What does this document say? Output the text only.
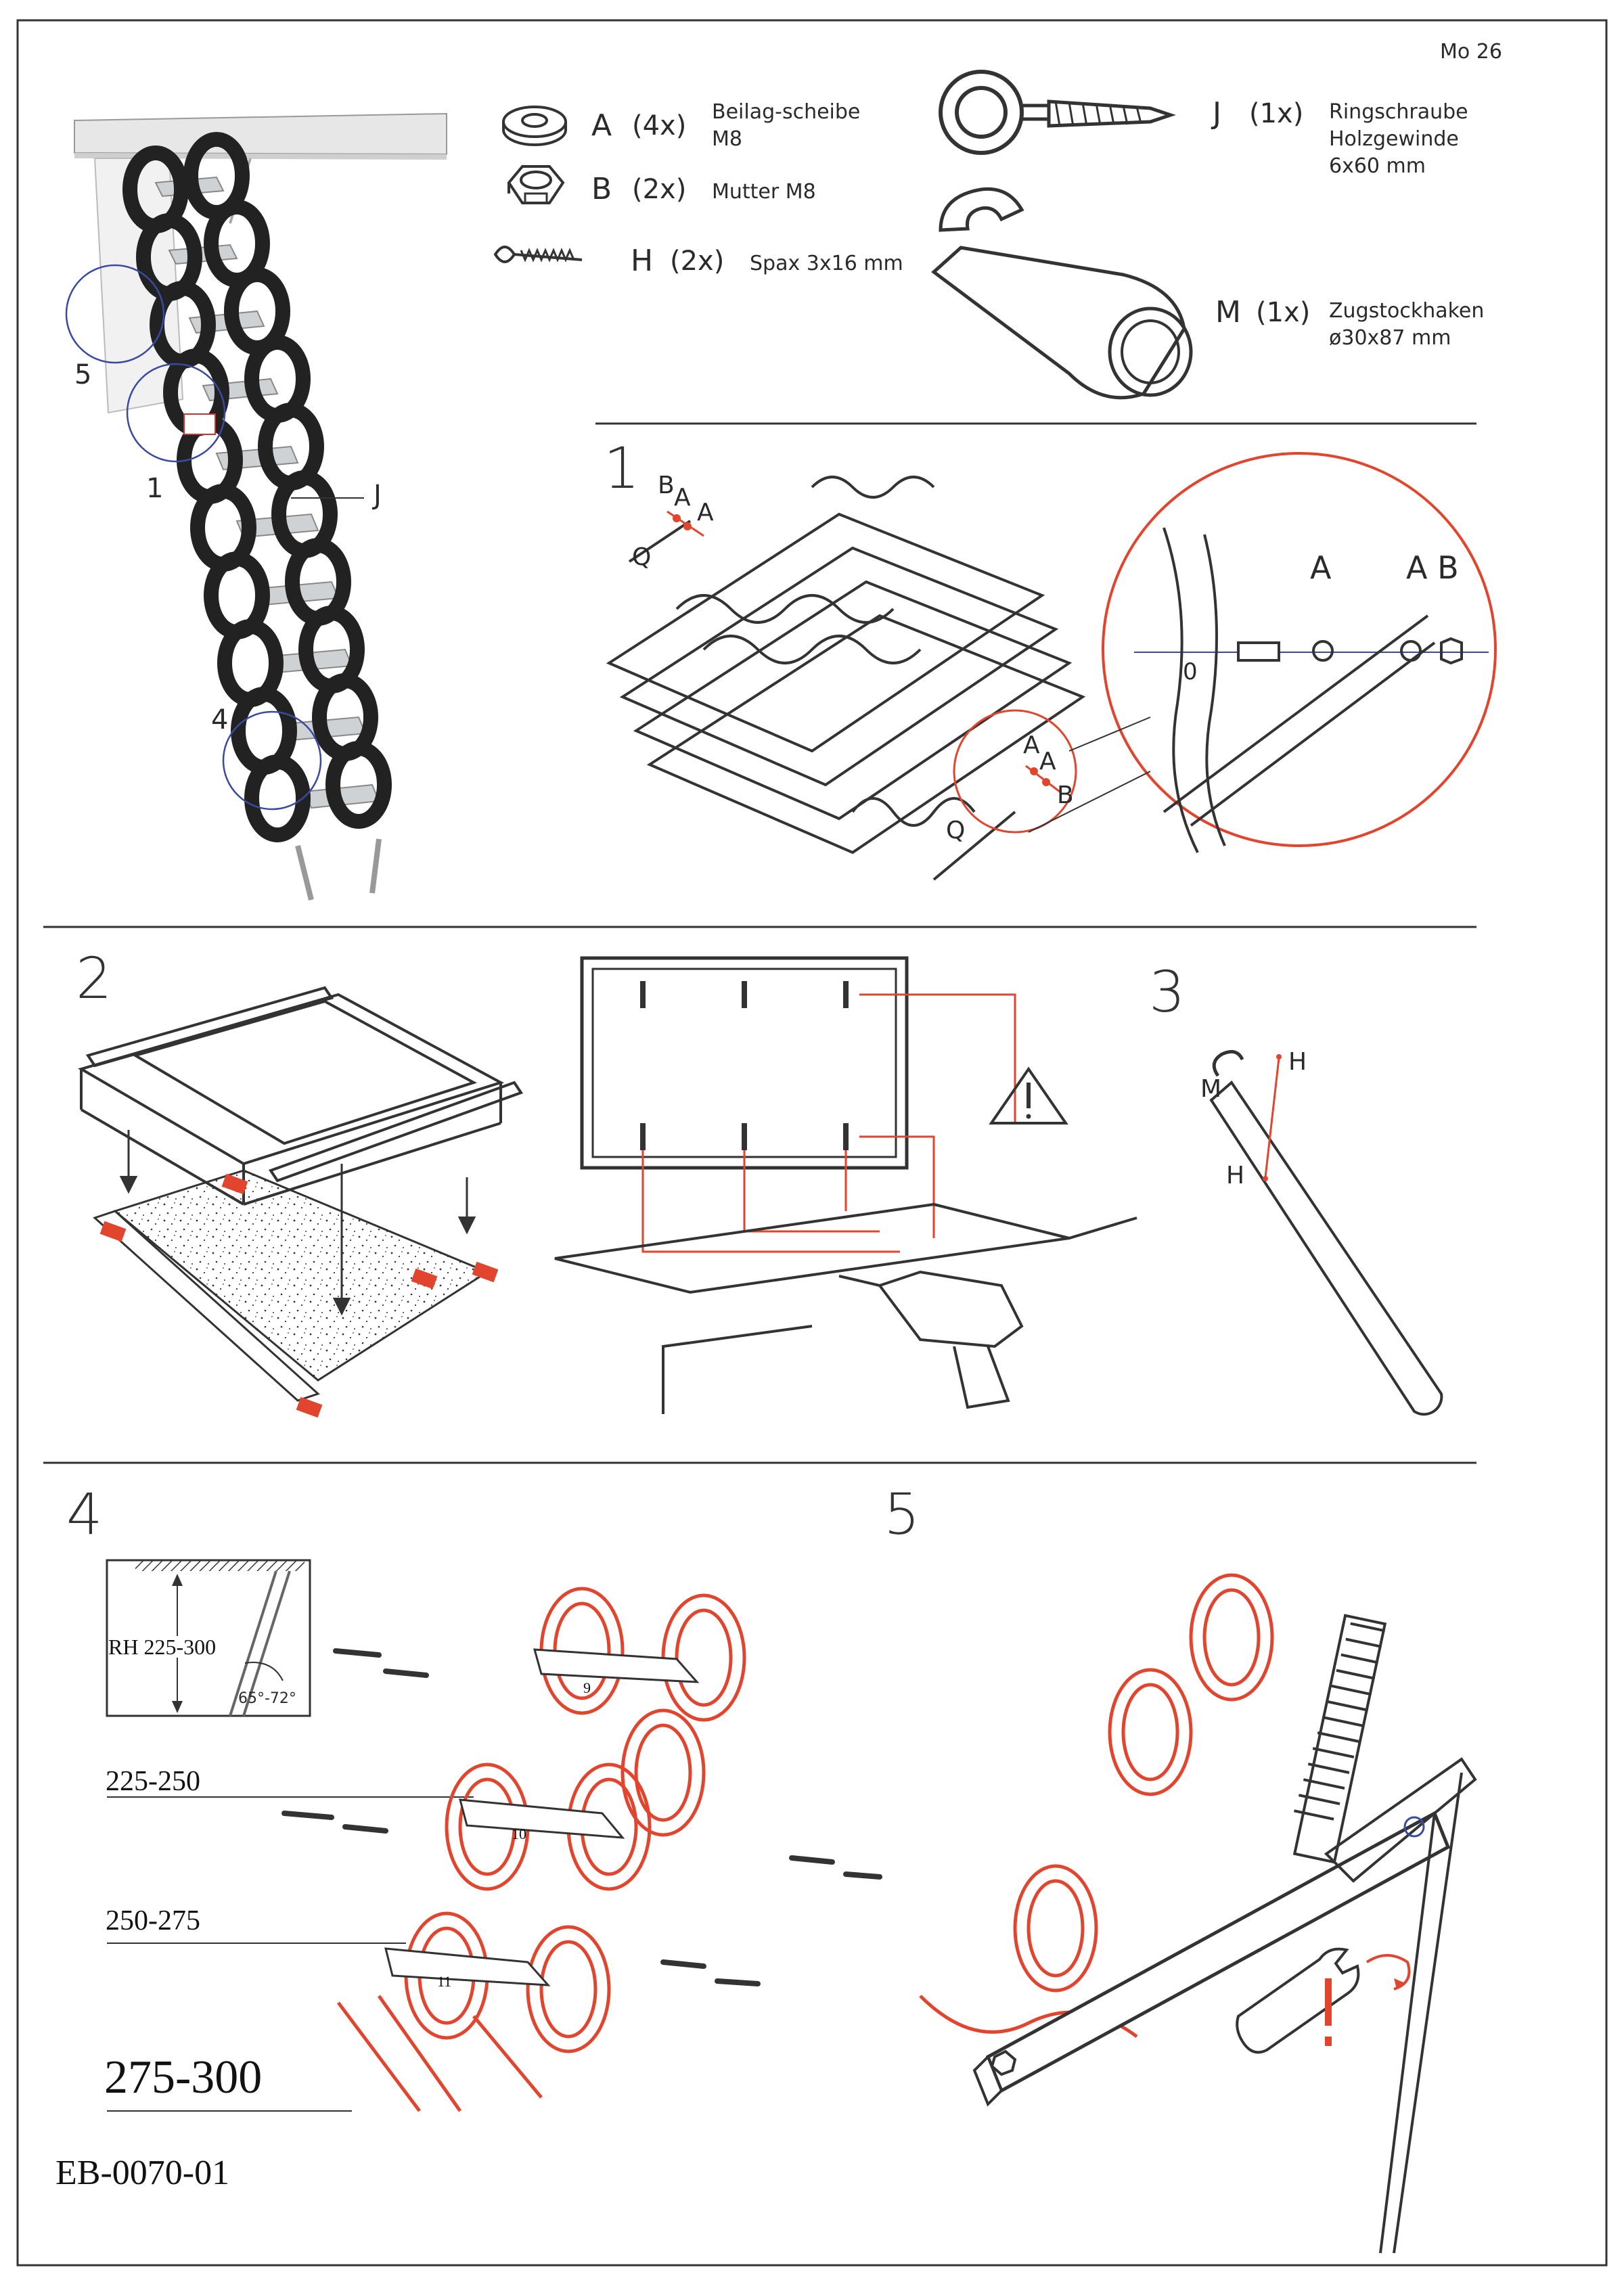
Mo 26
A (4x) Beilag-scheibe
M8
B (2x) Mutter M8
H (2x) Spax 3x16 mm
J (1x) Ringschraube
Holzgewinde
6x60 mm
M (1x) Zugstockhaken
ø30x87 mm
5
1
4
J	1 B A
A
Q
A
A
B
Q
A A B
0
2	3
H
M
H
4
RH 225-300
65°-72°
225-250
250-275
275-300
9
10
11
5
EB-0070-01
